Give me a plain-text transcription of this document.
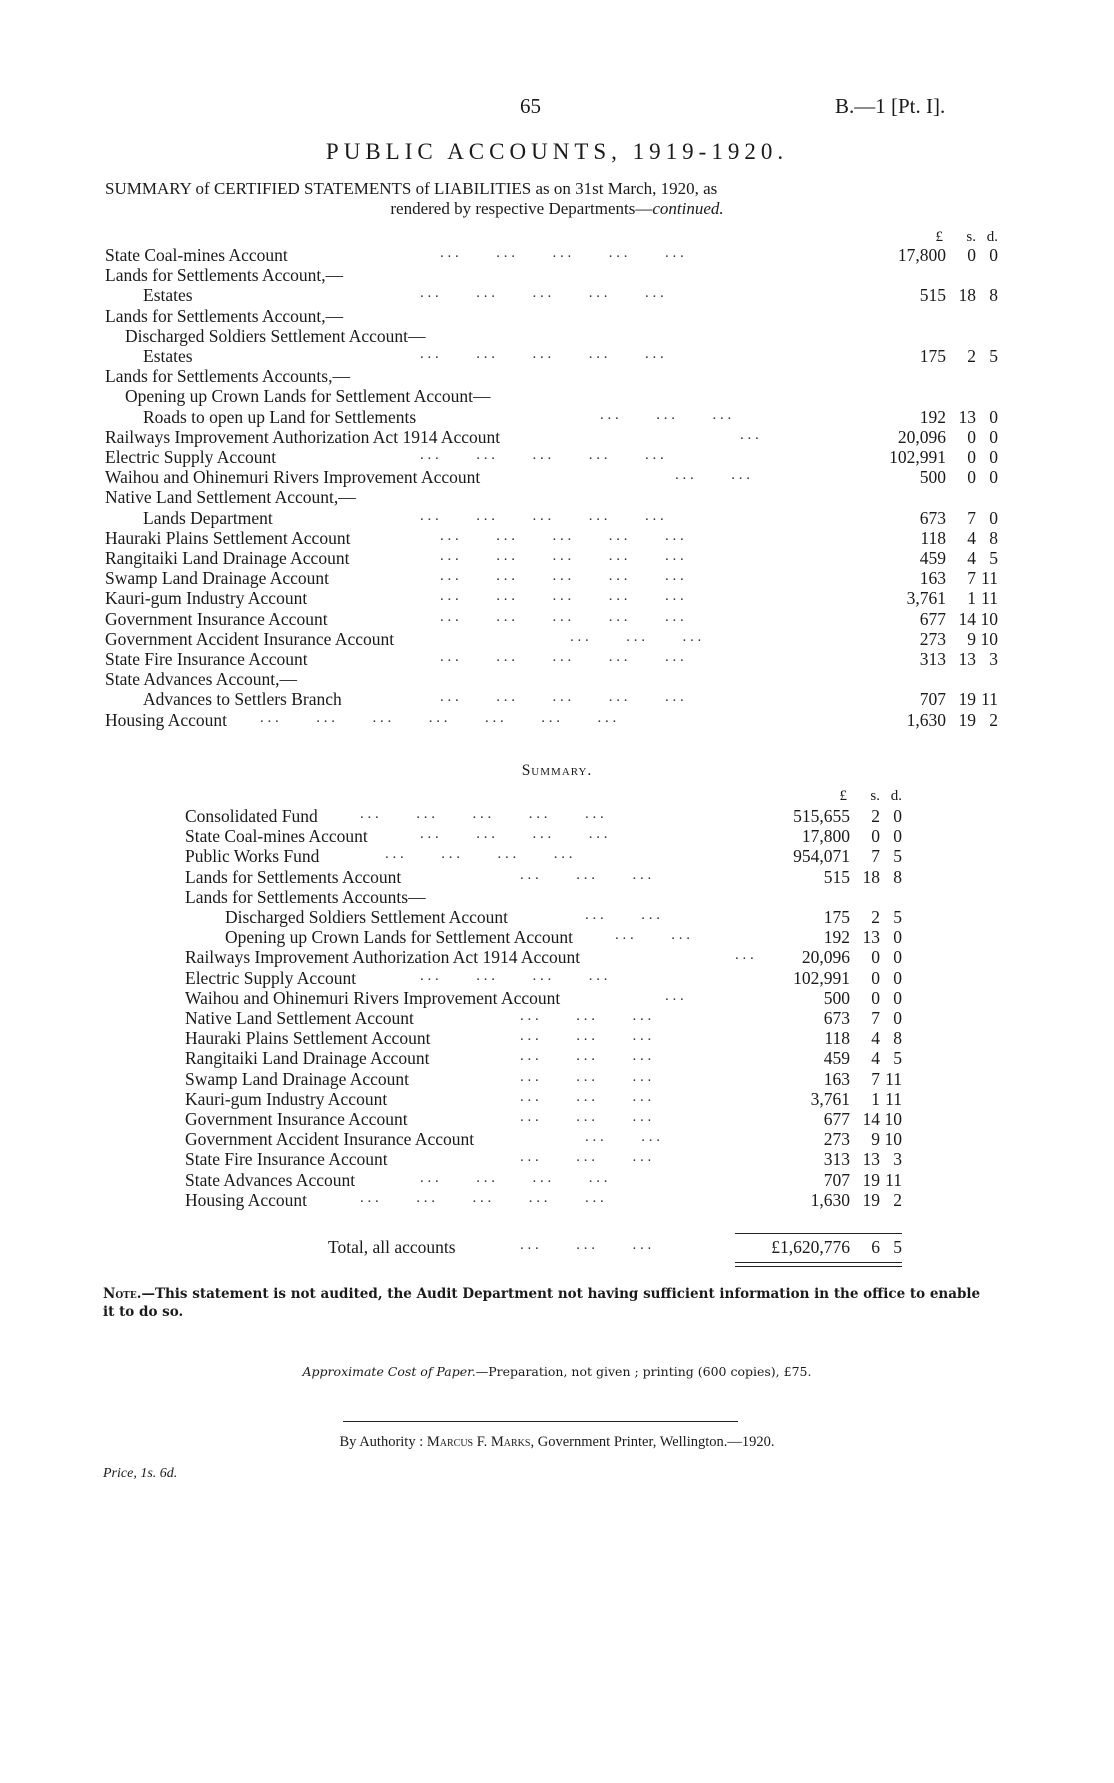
65	B.—1 [Pt. I].
PUBLIC ACCOUNTS, 1919-1920.
SUMMARY of CERTIFIED STATEMENTS of LIABILITIES as on 31st March, 1920, as
rendered by respective Departments—continued.
£	s. d.
State Coal-mines Account	. . .          . . .          . . .          . . .          . . .	17,800	0 0
Lands for Settlements Account,—
Estates	. . .          . . .          . . .          . . .          . . .	515 18 8
Lands for Settlements Account,—
Discharged Soldiers Settlement Account—
Estates	. . .          . . .          . . .          . . .          . . .	175	2 5
Lands for Settlements Accounts,—
Opening up Crown Lands for Settlement Account—
Roads to open up Land for Settlements	. . .          . . .          . . .	192 13 0
Railways Improvement Authorization Act 1914 Account	. . .	20,096	0 0
Electric Supply Account	. . .          . . .          . . .          . . .          . . .	102,991	0 0
Waihou and Ohinemuri Rivers Improvement Account	. . .          . . .	500	0 0
Native Land Settlement Account,—
Lands Department	. . .          . . .          . . .          . . .          . . .	673	7 0
Hauraki Plains Settlement Account	. . .          . . .          . . .          . . .          . . .	118	4 8
Rangitaiki Land Drainage Account	. . .          . . .          . . .          . . .          . . .	459	4 5
Swamp Land Drainage Account	. . .          . . .          . . .          . . .          . . .	163	7 11
Kauri-gum Industry Account	. . .          . . .          . . .          . . .          . . .	3,761	1 11
Government Insurance Account	. . .          . . .          . . .          . . .          . . .	677 14 10
Government Accident Insurance Account	. . .          . . .          . . .	273	9 10
State Fire Insurance Account	. . .          . . .          . . .          . . .          . . .	313 13 3
State Advances Account,—
Advances to Settlers Branch	. . .          . . .          . . .          . . .          . . .	707 19 11
Housing Account . . .          . . .          . . .          . . .          . . .          . . .          . . .	1,630 19 2
Summary.
£	s. d.
Consolidated Fund	. . .          . . .          . . .          . . .          . . .	515,655	2 0
State Coal-mines Account	. . .          . . .          . . .          . . .	17,800	0 0
Public Works Fund	. . .          . . .          . . .          . . .	954,071	7 5
Lands for Settlements Account	. . .          . . .          . . .	515 18 8
Lands for Settlements Accounts—
Discharged Soldiers Settlement Account	. . .          . . .	175	2 5
Opening up Crown Lands for Settlement Account	. . .          . . .	192 13 0
Railways Improvement Authorization Act 1914 Account	. . .	20,096	0 0
Electric Supply Account	. . .          . . .          . . .          . . .	102,991	0 0
Waihou and Ohinemuri Rivers Improvement Account	. . .	500	0 0
Native Land Settlement Account	. . .          . . .          . . .	673	7 0
Hauraki Plains Settlement Account	. . .          . . .          . . .	118	4 8
Rangitaiki Land Drainage Account	. . .          . . .          . . .	459	4 5
Swamp Land Drainage Account	. . .          . . .          . . .	163	7 11
Kauri-gum Industry Account	. . .          . . .          . . .	3,761	1 11
Government Insurance Account	. . .          . . .          . . .	677 14 10
Government Accident Insurance Account	. . .          . . .	273	9 10
State Fire Insurance Account	. . .          . . .          . . .	313 13 3
State Advances Account	. . .          . . .          . . .          . . .	707 19 11
Housing Account	. . .          . . .          . . .          . . .          . . .	1,630 19 2
Total, all accounts	. . .          . . .          . . .	£1,620,776	6 5
Note.—This statement is not audited, the Audit Department not having sufficient information in the office to enable it to do so.
Approximate Cost of Paper.—Preparation, not given ; printing (600 copies), £75.
By Authority : Marcus F. Marks, Government Printer, Wellington.—1920.
Price, 1s. 6d.
